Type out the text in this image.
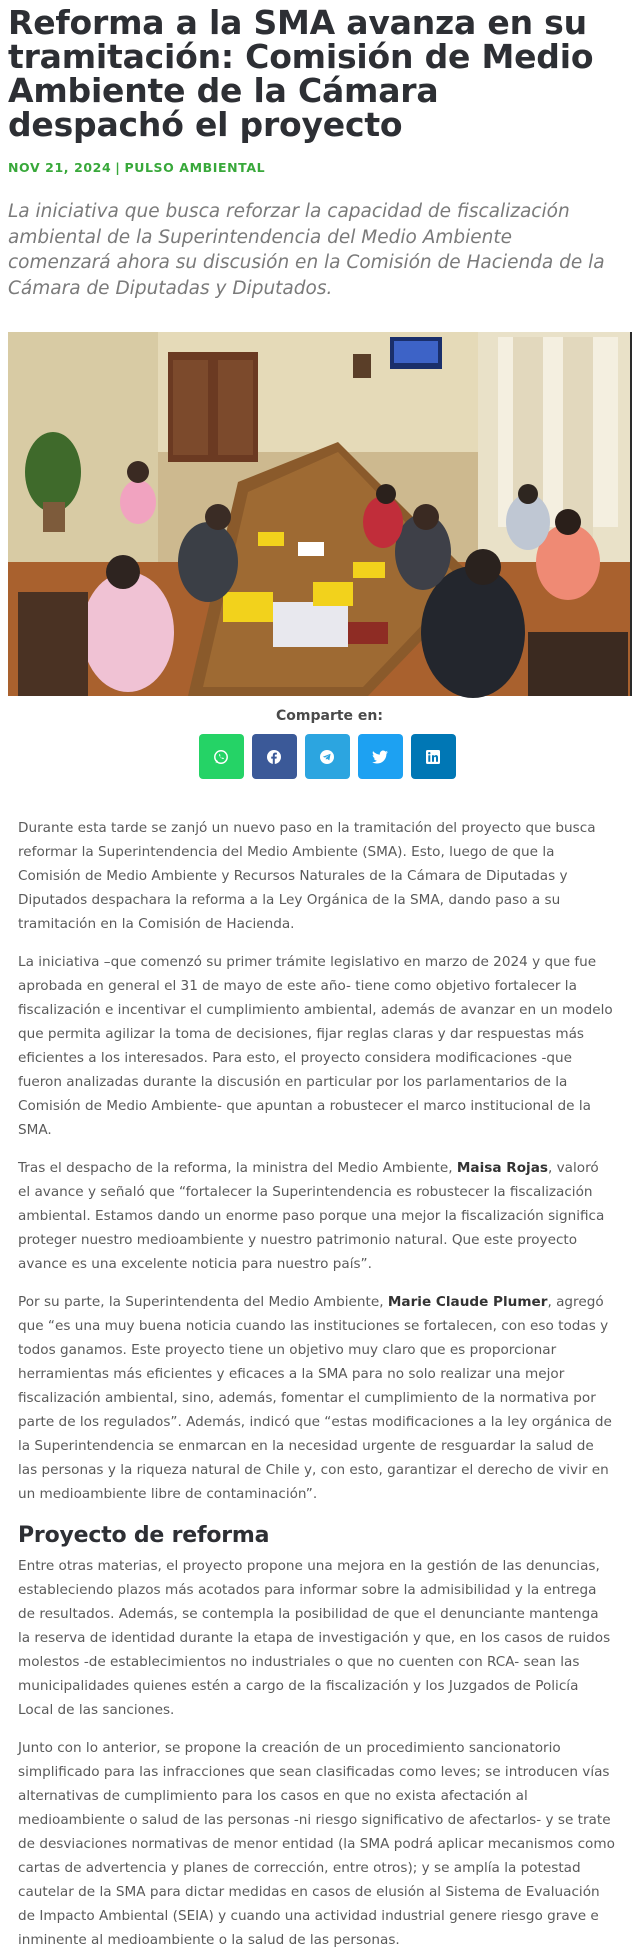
Reforma a la SMA avanza en su tramitación: Comisión de Medio Ambiente de la Cámara despachó el proyecto
NOV 21, 2024 | PULSO AMBIENTAL
La iniciativa que busca reforzar la capacidad de fiscalización ambiental de la Superintendencia del Medio Ambiente comenzará ahora su discusión en la Comisión de Hacienda de la Cámara de Diputadas y Diputados.
Comparte en:

Durante esta tarde se zanjó un nuevo paso en la tramitación del proyecto que busca reformar la Superintendencia del Medio Ambiente (SMA). Esto, luego de que la Comisión de Medio Ambiente y Recursos Naturales de la Cámara de Diputadas y Diputados despachara la reforma a la Ley Orgánica de la SMA, dando paso a su tramitación en la Comisión de Hacienda.

La iniciativa –que comenzó su primer trámite legislativo en marzo de 2024 y que fue aprobada en general el 31 de mayo de este año- tiene como objetivo fortalecer la fiscalización e incentivar el cumplimiento ambiental, además de avanzar en un modelo que permita agilizar la toma de decisiones, fijar reglas claras y dar respuestas más eficientes a los interesados. Para esto, el proyecto considera modificaciones -que fueron analizadas durante la discusión en particular por los parlamentarios de la Comisión de Medio Ambiente- que apuntan a robustecer el marco institucional de la SMA.

Tras el despacho de la reforma, la ministra del Medio Ambiente, Maisa Rojas, valoró el avance y señaló que “fortalecer la Superintendencia es robustecer la fiscalización ambiental. Estamos dando un enorme paso porque una mejor la fiscalización significa proteger nuestro medioambiente y nuestro patrimonio natural. Que este proyecto avance es una excelente noticia para nuestro país”.

Por su parte, la Superintendenta del Medio Ambiente, Marie Claude Plumer, agregó que “es una muy buena noticia cuando las instituciones se fortalecen, con eso todas y todos ganamos. Este proyecto tiene un objetivo muy claro que es proporcionar herramientas más eficientes y eficaces a la SMA para no solo realizar una mejor fiscalización ambiental, sino, además, fomentar el cumplimiento de la normativa por parte de los regulados”. Además, indicó que “estas modificaciones a la ley orgánica de la Superintendencia se enmarcan en la necesidad urgente de resguardar la salud de las personas y la riqueza natural de Chile y, con esto, garantizar el derecho de vivir en un medioambiente libre de contaminación”.

Proyecto de reforma

Entre otras materias, el proyecto propone una mejora en la gestión de las denuncias, estableciendo plazos más acotados para informar sobre la admisibilidad y la entrega de resultados. Además, se contempla la posibilidad de que el denunciante mantenga la reserva de identidad durante la etapa de investigación y que, en los casos de ruidos molestos -de establecimientos no industriales o que no cuenten con RCA- sean las municipalidades quienes estén a cargo de la fiscalización y los Juzgados de Policía Local de las sanciones.

Junto con lo anterior, se propone la creación de un procedimiento sancionatorio simplificado para las infracciones que sean clasificadas como leves; se introducen vías alternativas de cumplimiento para los casos en que no exista afectación al medioambiente o salud de las personas -ni riesgo significativo de afectarlos- y se trate de desviaciones normativas de menor entidad (la SMA podrá aplicar mecanismos como cartas de advertencia y planes de corrección, entre otros); y se amplía la potestad cautelar de la SMA para dictar medidas en casos de elusión al Sistema de Evaluación de Impacto Ambiental (SEIA) y cuando una actividad industrial genere riesgo grave e inminente al medioambiente o la salud de las personas.
